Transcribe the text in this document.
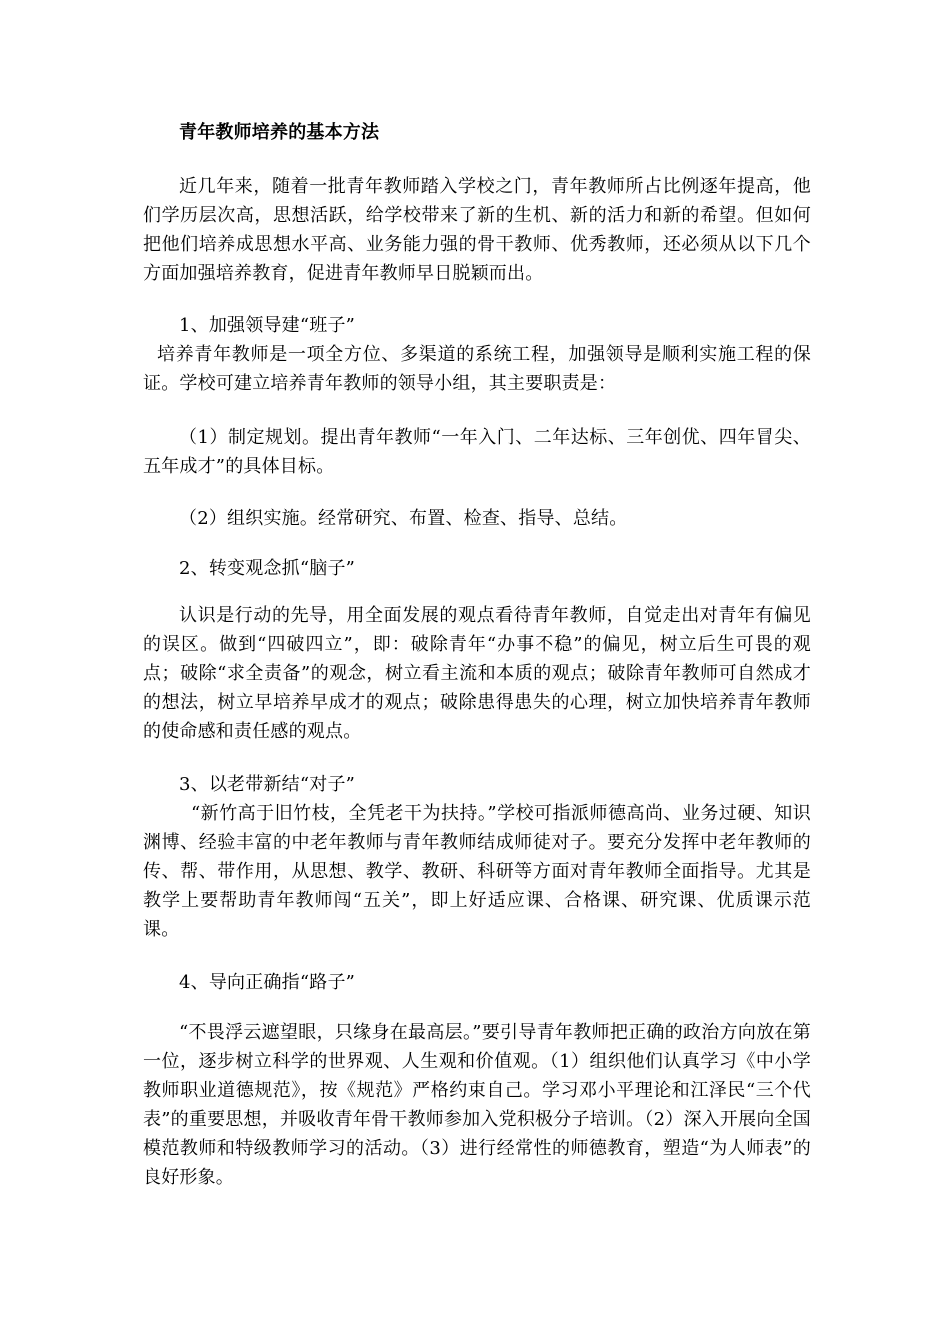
青年教师培养的基本方法

近几年来，随着一批青年教师踏入学校之门，青年教师所占比例逐年提高，他们学历层次高，思想活跃，给学校带来了新的生机、新的活力和新的希望。但如何把他们培养成思想水平高、业务能力强的骨干教师、优秀教师，还必须从以下几个方面加强培养教育，促进青年教师早日脱颖而出。

1、加强领导建“班子”

培养青年教师是一项全方位、多渠道的系统工程，加强领导是顺利实施工程的保证。学校可建立培养青年教师的领导小组，其主要职责是：

（1）制定规划。提出青年教师“一年入门、二年达标、三年创优、四年冒尖、五年成才”的具体目标。

（2）组织实施。经常研究、布置、检查、指导、总结。

2、转变观念抓“脑子”

认识是行动的先导，用全面发展的观点看待青年教师，自觉走出对青年有偏见的误区。做到“四破四立”，即：破除青年“办事不稳”的偏见，树立后生可畏的观点；破除“求全责备”的观念，树立看主流和本质的观点；破除青年教师可自然成才的想法，树立早培养早成才的观点；破除患得患失的心理，树立加快培养青年教师的使命感和责任感的观点。

3、以老带新结“对子”

“新竹高于旧竹枝，全凭老干为扶持。”学校可指派师德高尚、业务过硬、知识渊博、经验丰富的中老年教师与青年教师结成师徒对子。要充分发挥中老年教师的传、帮、带作用，从思想、教学、教研、科研等方面对青年教师全面指导。尤其是教学上要帮助青年教师闯“五关”，即上好适应课、合格课、研究课、优质课示范课。

4、导向正确指“路子”

“不畏浮云遮望眼，只缘身在最高层。”要引导青年教师把正确的政治方向放在第一位，逐步树立科学的世界观、人生观和价值观。（1）组织他们认真学习《中小学教师职业道德规范》，按《规范》严格约束自己。学习邓小平理论和江泽民“三个代表”的重要思想，并吸收青年骨干教师参加入党积极分子培训。（2）深入开展向全国模范教师和特级教师学习的活动。（3）进行经常性的师德教育，塑造“为人师表”的良好形象。
